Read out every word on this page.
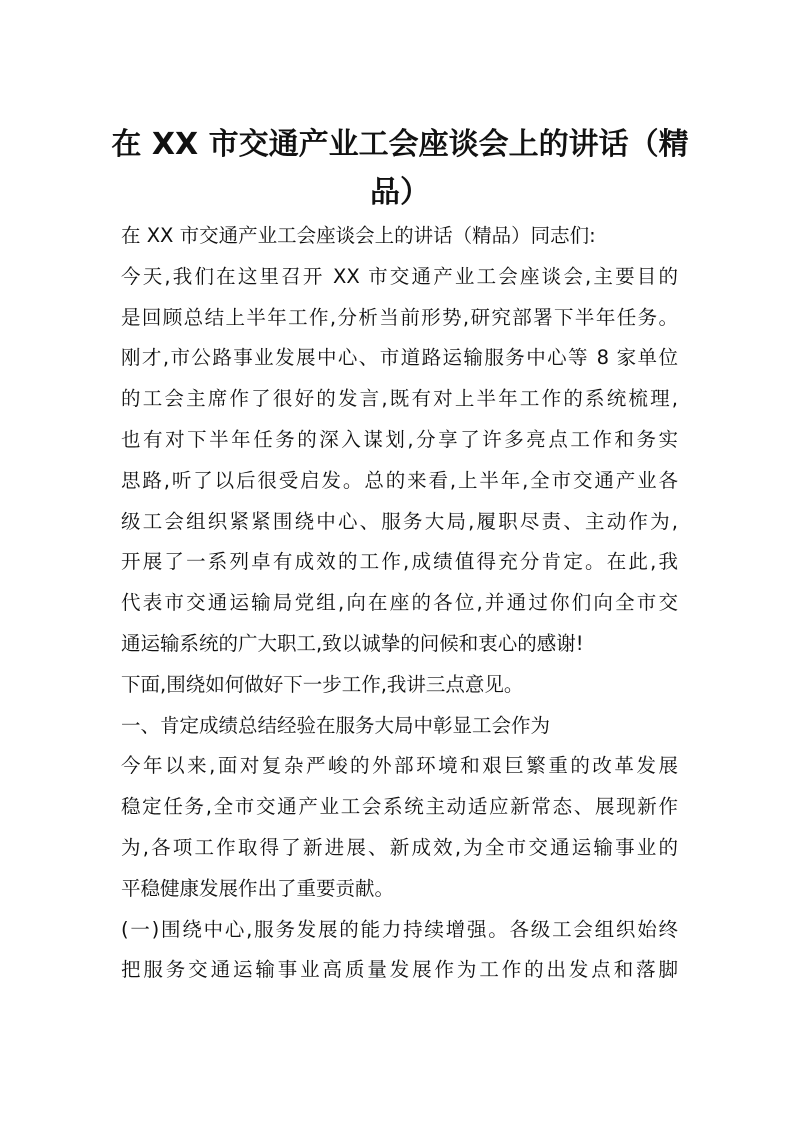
在 XX 市交通产业工会座谈会上的讲话（精
品）
在 XX 市交通产业工会座谈会上的讲话（精品）同志们:
今天,我们在这里召开 XX 市交通产业工会座谈会,主要目的
是回顾总结上半年工作,分析当前形势,研究部署下半年任务。
刚才,市公路事业发展中心、市道路运输服务中心等 8 家单位
的工会主席作了很好的发言,既有对上半年工作的系统梳理,
也有对下半年任务的深入谋划,分享了许多亮点工作和务实
思路,听了以后很受启发。总的来看,上半年,全市交通产业各
级工会组织紧紧围绕中心、服务大局,履职尽责、主动作为,
开展了一系列卓有成效的工作,成绩值得充分肯定。在此,我
代表市交通运输局党组,向在座的各位,并通过你们向全市交
通运输系统的广大职工,致以诚挚的问候和衷心的感谢!
下面,围绕如何做好下一步工作,我讲三点意见。
一、肯定成绩总结经验在服务大局中彰显工会作为
今年以来,面对复杂严峻的外部环境和艰巨繁重的改革发展
稳定任务,全市交通产业工会系统主动适应新常态、展现新作
为,各项工作取得了新进展、新成效,为全市交通运输事业的
平稳健康发展作出了重要贡献。
(一)围绕中心,服务发展的能力持续增强。各级工会组织始终
把服务交通运输事业高质量发展作为工作的出发点和落脚
